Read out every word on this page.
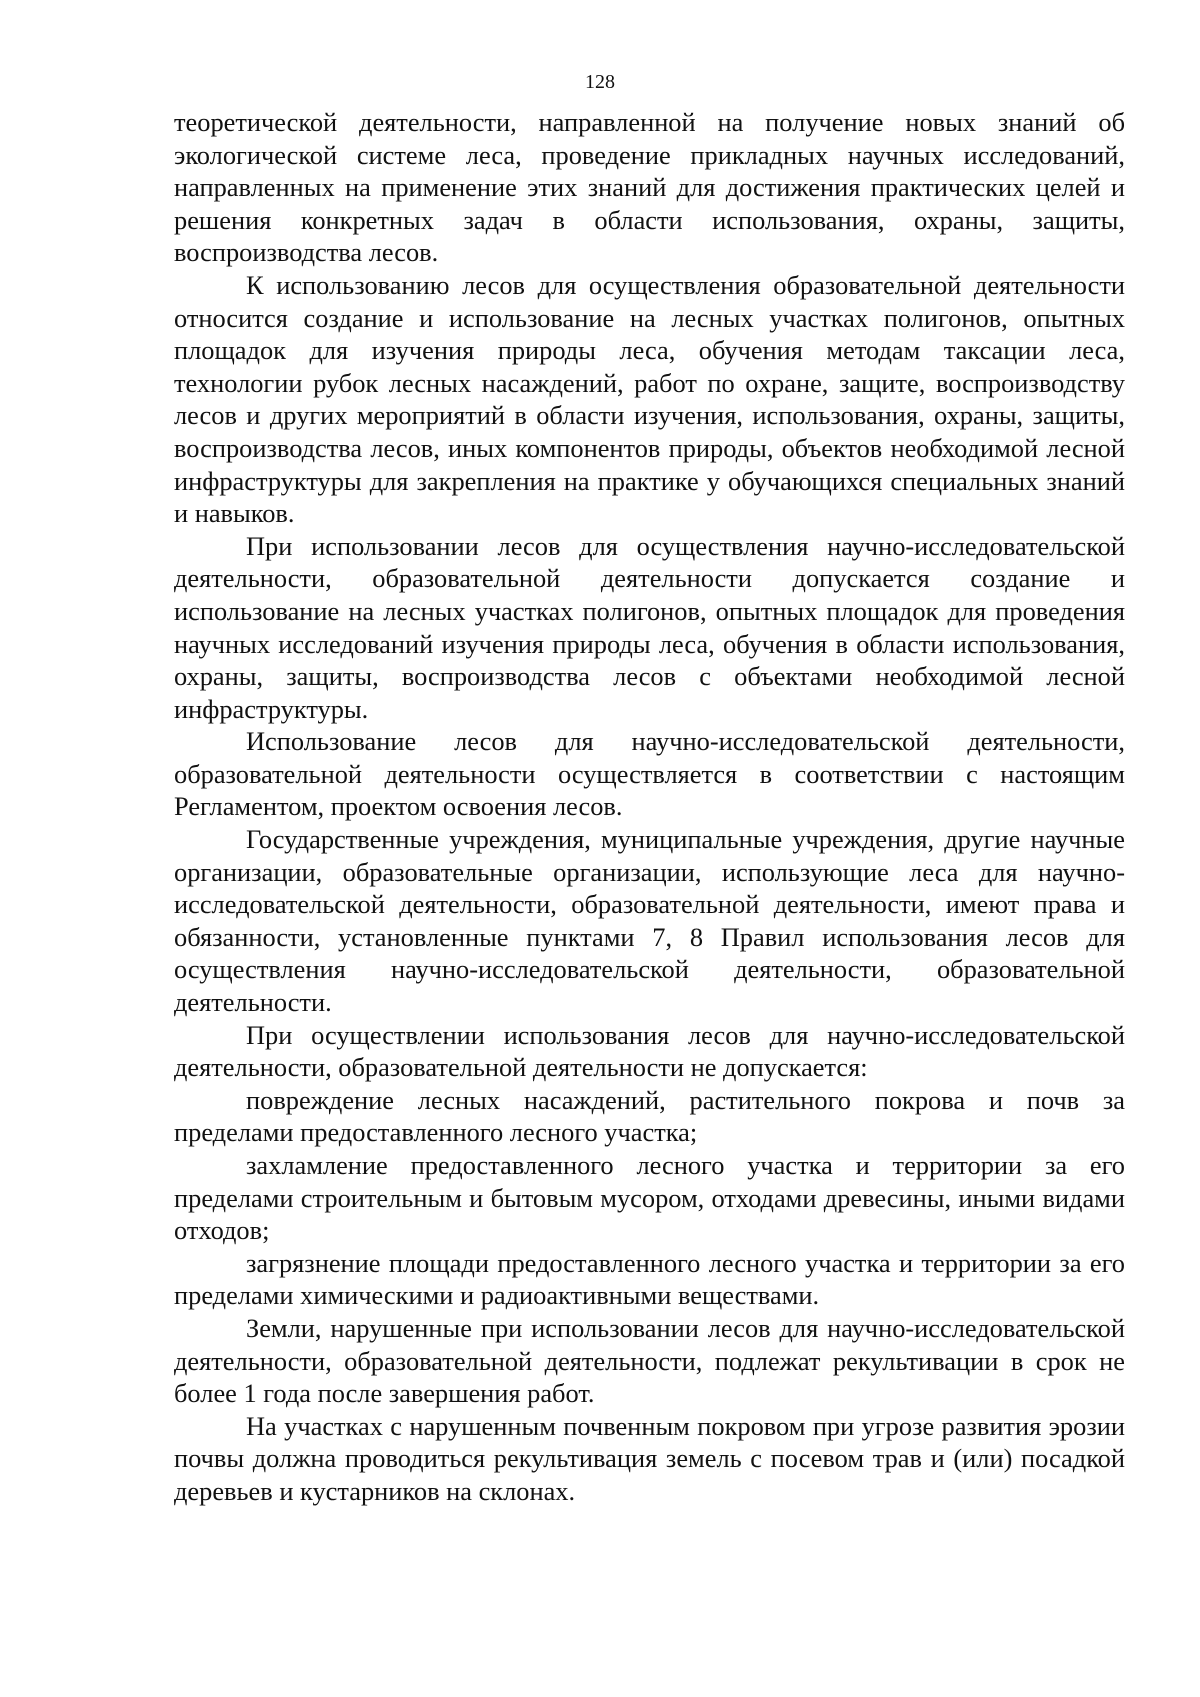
128

теоретической деятельности, направленной на получение новых знаний об экологической системе леса, проведение прикладных научных исследований, направленных на применение этих знаний для достижения практических целей и решения конкретных задач в области использования, охраны, защиты, воспроизводства лесов.

К использованию лесов для осуществления образовательной деятельности относится создание и использование на лесных участках полигонов, опытных площадок для изучения природы леса, обучения методам таксации леса, технологии рубок лесных насаждений, работ по охране, защите, воспроизводству лесов и других мероприятий в области изучения, использования, охраны, защиты, воспроизводства лесов, иных компонентов природы, объектов необходимой лесной инфраструктуры для закрепления на практике у обучающихся специальных знаний и навыков.

При использовании лесов для осуществления научно-исследовательской деятельности, образовательной деятельности допускается создание и использование на лесных участках полигонов, опытных площадок для проведения научных исследований изучения природы леса, обучения в области использования, охраны, защиты, воспроизводства лесов с объектами необходимой лесной инфраструктуры.

Использование лесов для научно-исследовательской деятельности, образовательной деятельности осуществляется в соответствии с настоящим Регламентом, проектом освоения лесов.

Государственные учреждения, муниципальные учреждения, другие научные организации, образовательные организации, использующие леса для научно-исследовательской деятельности, образовательной деятельности, имеют права и обязанности, установленные пунктами 7, 8 Правил использования лесов для осуществления научно-исследовательской деятельности, образовательной деятельности.

При осуществлении использования лесов для научно-исследовательской деятельности, образовательной деятельности не допускается:

повреждение лесных насаждений, растительного покрова и почв за пределами предоставленного лесного участка;

захламление предоставленного лесного участка и территории за его пределами строительным и бытовым мусором, отходами древесины, иными видами отходов;

загрязнение площади предоставленного лесного участка и территории за его пределами химическими и радиоактивными веществами.

Земли, нарушенные при использовании лесов для научно-исследовательской деятельности, образовательной деятельности, подлежат рекультивации в срок не более 1 года после завершения работ.

На участках с нарушенным почвенным покровом при угрозе развития эрозии почвы должна проводиться рекультивация земель с посевом трав и (или) посадкой деревьев и кустарников на склонах.
